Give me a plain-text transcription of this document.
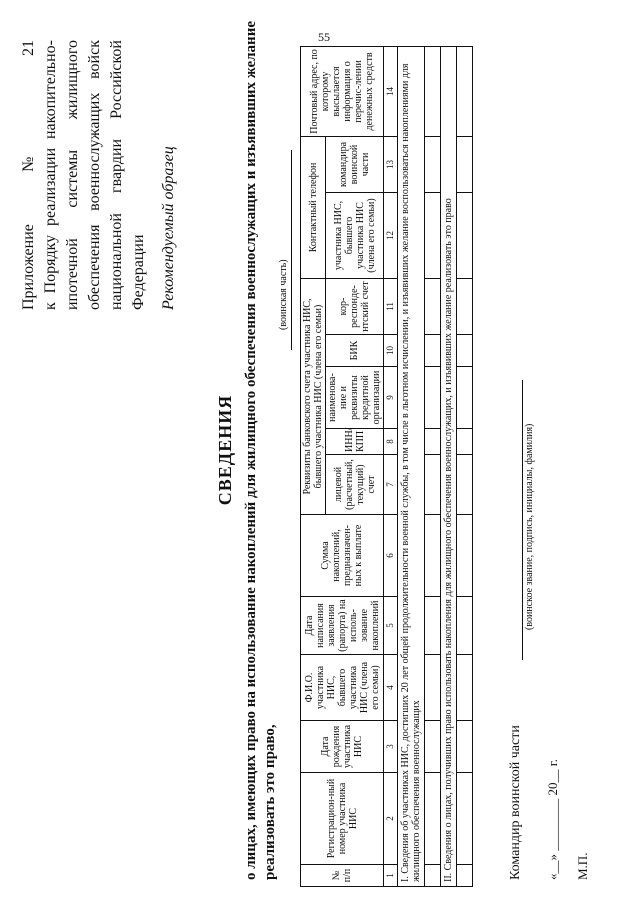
55
Приложение № 21 к Порядку реализации накопительно- ипотечной системы жилищного обеспечения военнослужащих войск национальной гвардии Российской Федерации Рекомендуемый образец
СВЕДЕНИЯ о лицах, имеющих право на использование накоплений для жилищного обеспечения военнослужащих и изъявивших желание реализовать это право,
(воинская часть)
№ п/п	Регистрацион-ный номер участника НИС	Дата рождения участника НИС	Ф.И.О. участника НИС, бывшего участника НИС (члена его семьи)	Дата написания заявления (рапорта) на исполь-зование накоплений	Сумма накоплений, предназначен-ных к выплате	Реквизиты банковского счета участника НИС, бывшего участника НИС (члена его семьи)					Контактный телефон		Почтовый адрес, по которому высылается информация о перечис-лении денежных средств
						лицевой (расчетный, текущий) счет	ИНН/ КПП	наименова-ние и реквизиты кредитной организации	БИК	кор-респонде-нтский счет	участника НИС, бывшего участника НИС (члена его семьи)	командира воинской части	
1	2	3	4	5	6	7	8	9	10	11	12	13	14
I. Сведения об участниках НИС, достигших 20 лет общей продолжительности военной службы, в том числе в льготном исчислении, и изъявивших желание воспользоваться накоплениями для жилищного обеспечения военнослужащих													

II. Сведения о лицах, получивших право использовать накопления для жилищного обеспечения военнослужащих, и изъявивших желание реализовать это право													
														Командир воинской части
(воинское звание, подпись, инициалы, фамилия)
«__» ________ 20__ г. М.П.
